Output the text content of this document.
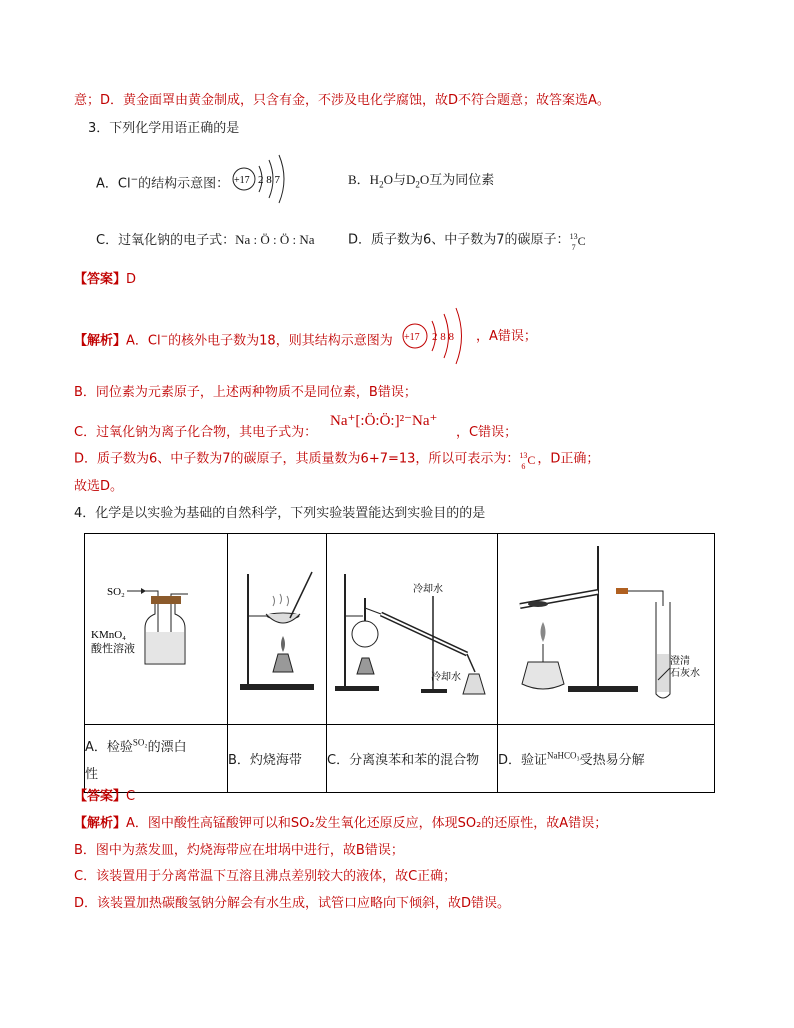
意；D．黄金面罩由黄金制成，只含有金，不涉及电化学腐蚀，故D不符合题意；故答案选A。
3．下列化学用语正确的是
A．Cl−的结构示意图： +17 2 8 7	B．$H_2O$与$D_2O$互为同位素
C．过氧化钠的电子式：Na : Ö : Ö : Na	D．质子数为6、中子数为7的碳原子： 13
7 C
【答案】D
【解析】A．Cl−的核外电子数为18，则其结构示意图为 +17 2 8 8 ，A错误；
B．同位素为元素原子，上述两种物质不是同位素，B错误；
C．过氧化钠为离子化合物，其电子式为：
Na⁺[:Ö:Ö:]²⁻Na⁺
，C错误；
D．质子数为6、中子数为7的碳原子，其质量数为6+7=13，所以可表示为： 13
6 C ，D正确；
故选D。
4．化学是以实验为基础的自然科学，下列实验装置能达到实验目的的是
SO₂
KMnO₄
酸性溶液		冷却水
冷却水	澄清
石灰水

A．检验$^{SO_2}$的漂白
性	B．灼烧海带	C．分离溴苯和苯的混合物	D．验证$^{NaHCO_3}$受热易分解
【答案】C
【解析】A．图中酸性高锰酸钾可以和SO₂发生氧化还原反应，体现SO₂的还原性，故A错误；
B．图中为蒸发皿，灼烧海带应在坩埚中进行，故B错误；
C．该装置用于分离常温下互溶且沸点差别较大的液体，故C正确；
D．该装置加热碳酸氢钠分解会有水生成，试管口应略向下倾斜，故D错误。
